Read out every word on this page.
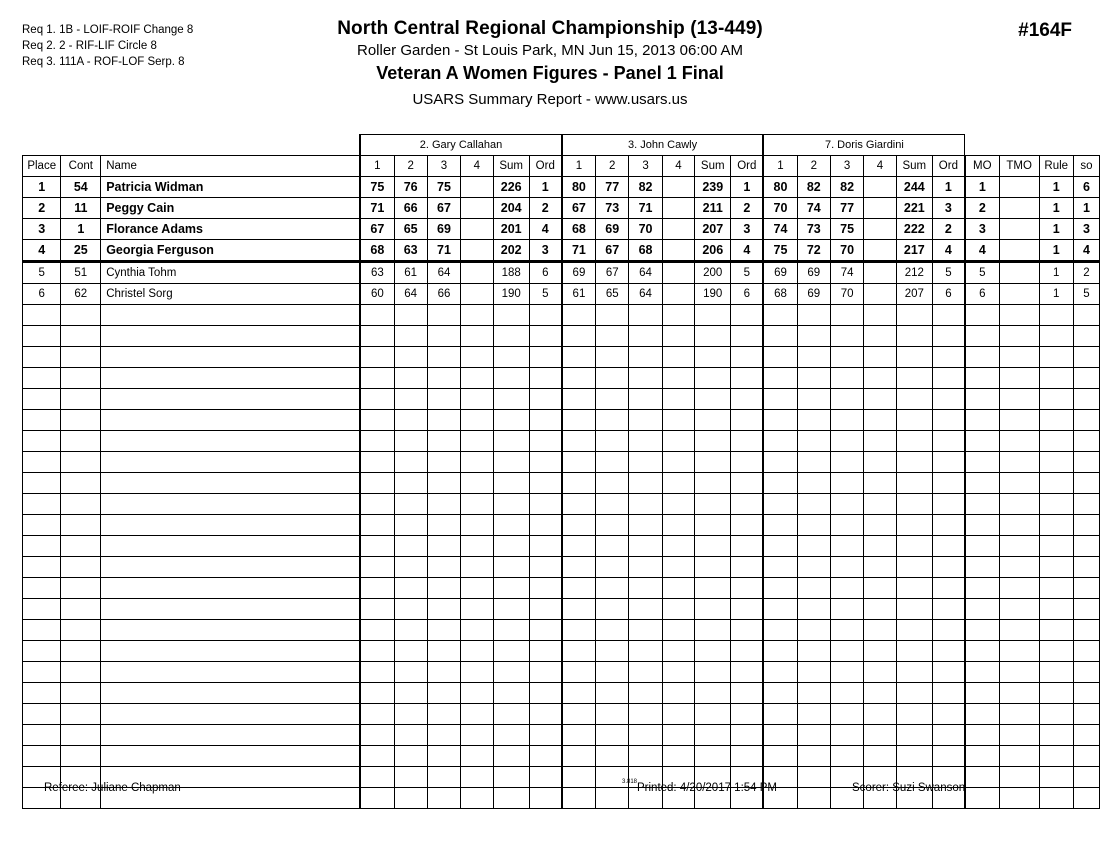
Req 1. 1B - LOIF-ROIF Change 8
Req 2. 2 - RIF-LIF Circle 8
Req 3. 111A - ROF-LOF Serp. 8
North Central Regional Championship (13-449)
Roller Garden - St Louis Park, MN Jun 15, 2013 06:00 AM
Veteran A Women Figures - Panel 1 Final
USARS Summary Report - www.usars.us
#164F
			2. Gary Callahan						3. John Cawly						7. Doris Giardini									
Place	Cont	Name	1	2	3	4	Sum	Ord	1	2	3	4	Sum	Ord	1	2	3	4	Sum	Ord	MO	TMO	Rule	so
1	54	Patricia Widman	75	76	75		226	1	80	77	82		239	1	80	82	82		244	1	1		1	6
2	11	Peggy Cain	71	66	67		204	2	67	73	71		211	2	70	74	77		221	3	2		1	1
3	1	Florance Adams	67	65	69		201	4	68	69	70		207	3	74	73	75		222	2	3		1	3
4	25	Georgia Ferguson	68	63	71		202	3	71	67	68		206	4	75	72	70		217	4	4		1	4
5	51	Cynthia Tohm	63	61	64		188	6	69	67	64		200	5	69	69	74		212	5	5		1	2
6	62	Christel Sorg	60	64	66		190	5	61	65	64		190	6	68	69	70		207	6	6		1	5

Referee: Juliane Chapman	3.818 Printed: 4/20/2017 1:54 PM	Scorer: Suzi Swanson
